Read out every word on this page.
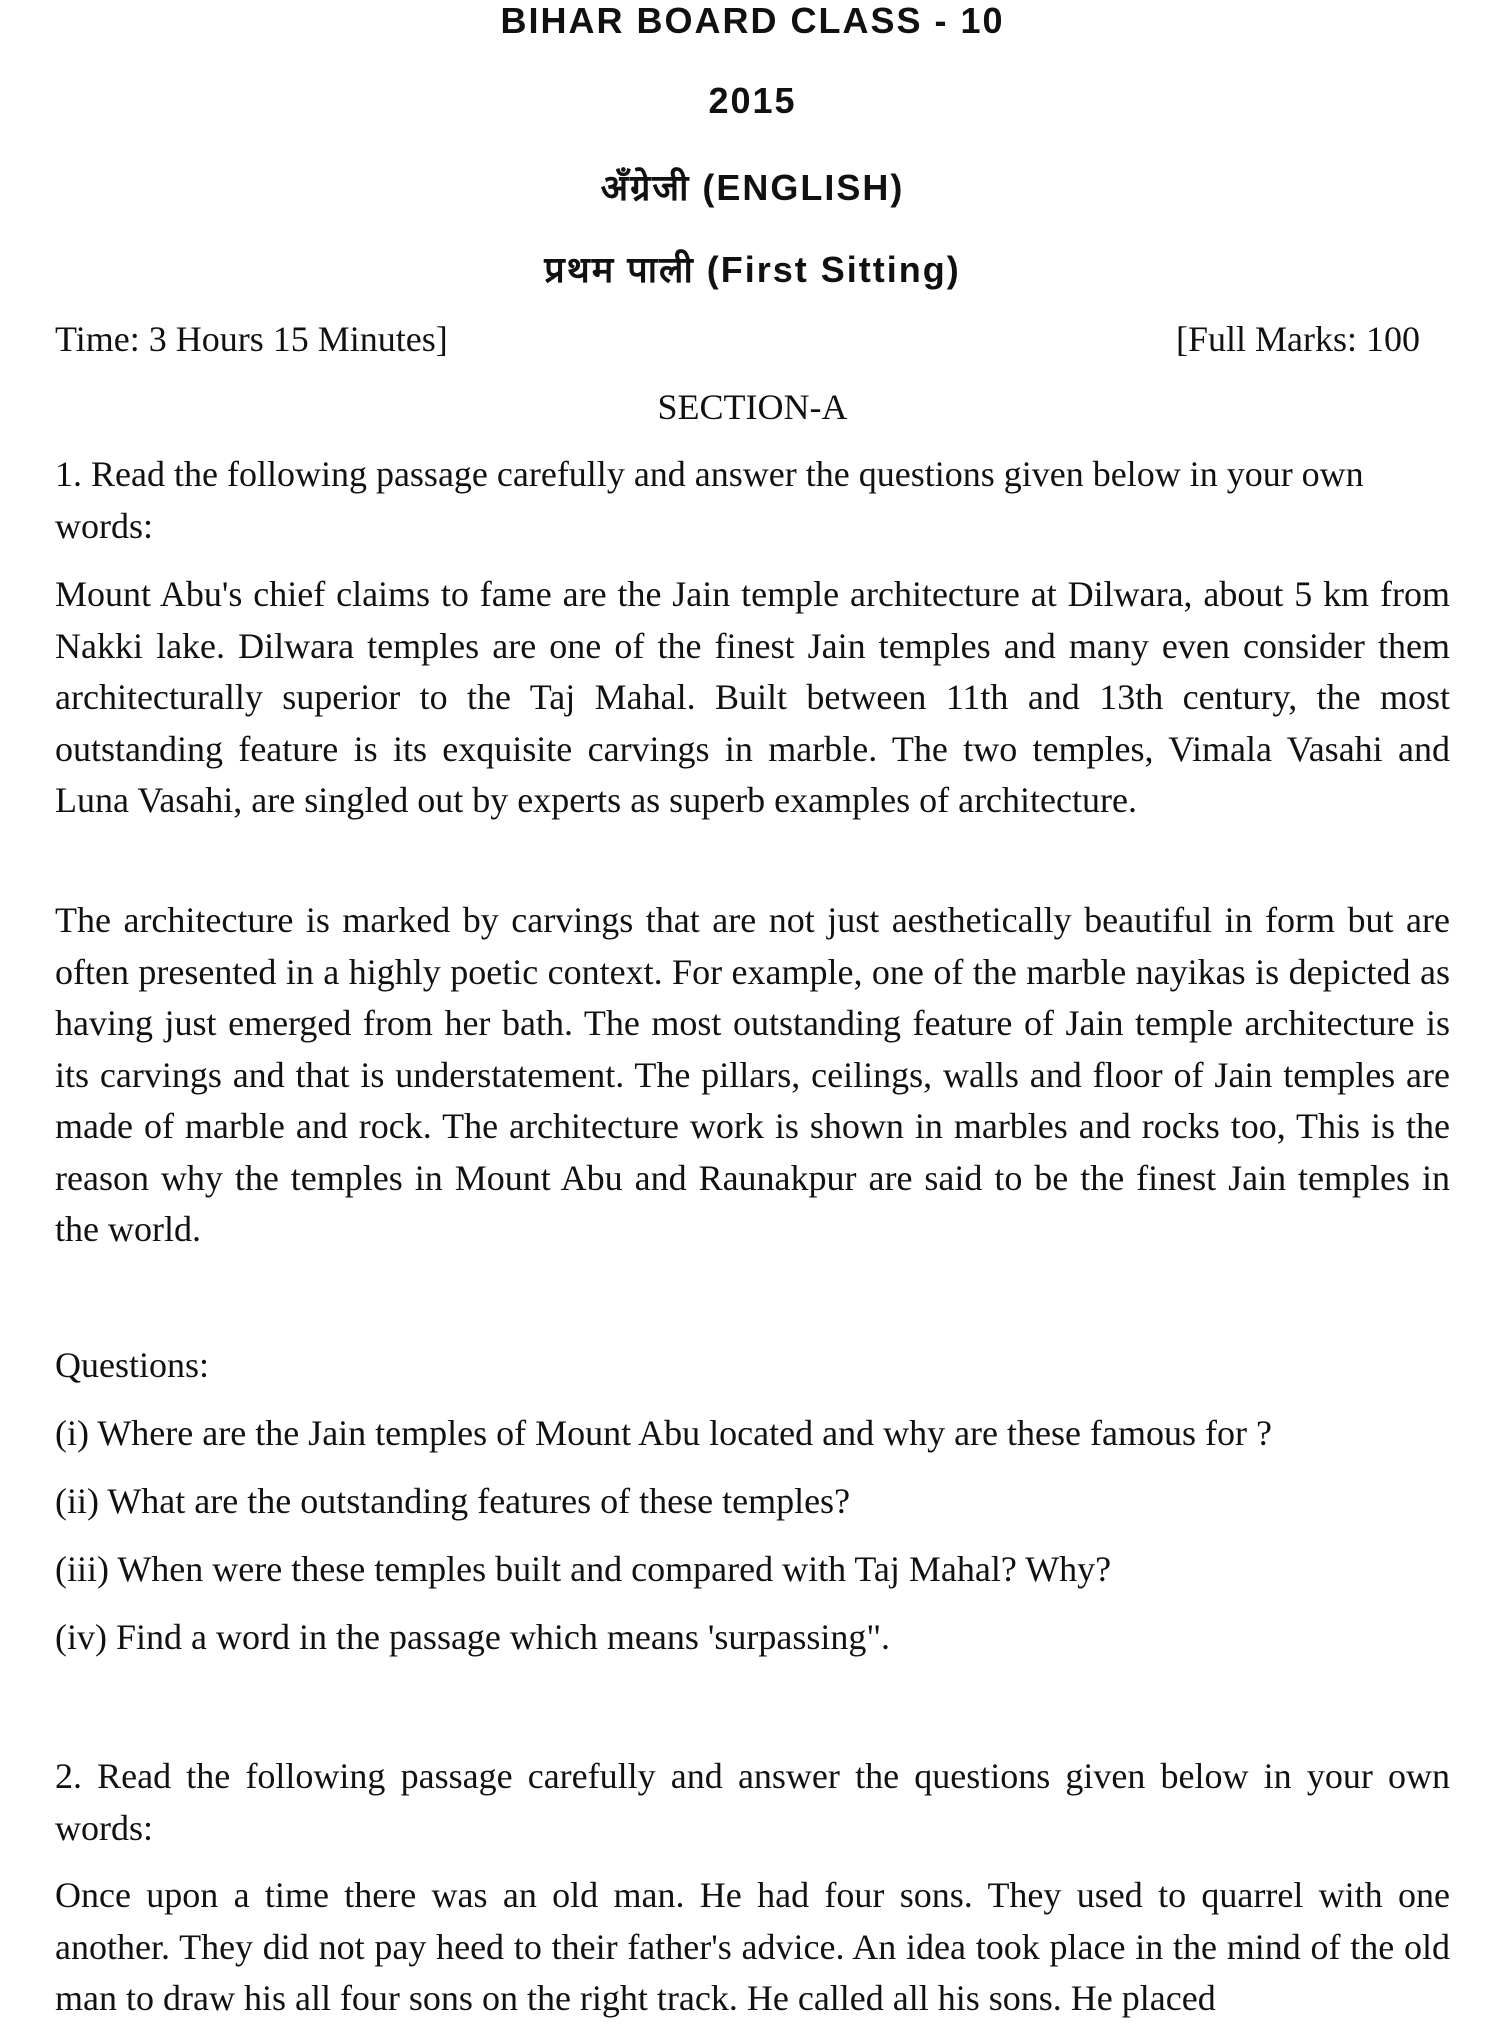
BIHAR BOARD CLASS - 10
2015
अँग्रेजी (ENGLISH)
प्रथम पाली (First Sitting)
Time: 3 Hours 15 Minutes]	[Full Marks: 100
SECTION-A

1. Read the following passage carefully and answer the questions given below in your own words:

Mount Abu's chief claims to fame are the Jain temple architecture at Dilwara, about 5 km from Nakki lake. Dilwara temples are one of the finest Jain temples and many even consider them architecturally superior to the Taj Mahal. Built between 11th and 13th century, the most outstanding feature is its exquisite carvings in marble. The two temples, Vimala Vasahi and Luna Vasahi, are singled out by experts as superb examples of architecture.

The architecture is marked by carvings that are not just aesthetically beautiful in form but are often presented in a highly poetic context. For example, one of the marble nayikas is depicted as having just emerged from her bath. The most outstanding feature of Jain temple architecture is its carvings and that is understatement. The pillars, ceilings, walls and floor of Jain temples are made of marble and rock. The architecture work is shown in marbles and rocks too, This is the reason why the temples in Mount Abu and Raunakpur are said to be the finest Jain temples in the world.

Questions:
(i) Where are the Jain temples of Mount Abu located and why are these famous for ?
(ii) What are the outstanding features of these temples?
(iii) When were these temples built and compared with Taj Mahal? Why?
(iv) Find a word in the passage which means 'surpassing".

2. Read the following passage carefully and answer the questions given below in your own words:

Once upon a time there was an old man. He had four sons. They used to quarrel with one another. They did not pay heed to their father's advice. An idea took place in the mind of the old man to draw his all four sons on the right track. He called all his sons. He placed
